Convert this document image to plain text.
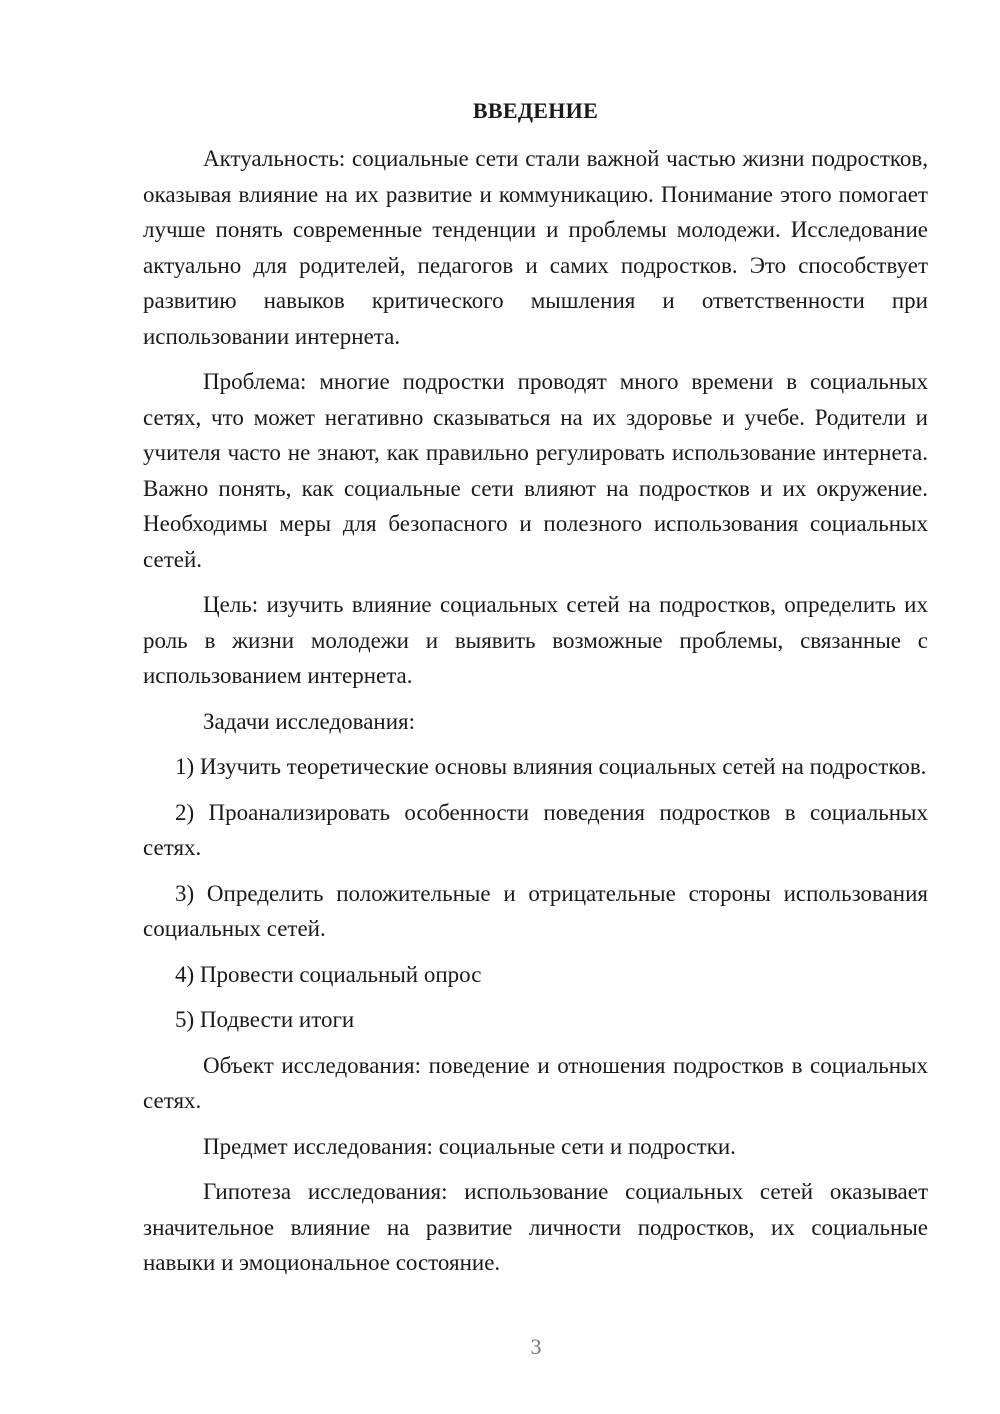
ВВЕДЕНИЕ

Актуальность: социальные сети стали важной частью жизни подростков, оказывая влияние на их развитие и коммуникацию. Понимание этого помогает лучше понять современные тенденции и проблемы молодежи. Исследование актуально для родителей, педагогов и самих подростков. Это способствует развитию навыков критического мышления и ответственности при использовании интернета.

Проблема: многие подростки проводят много времени в социальных сетях, что может негативно сказываться на их здоровье и учебе. Родители и учителя часто не знают, как правильно регулировать использование интернета. Важно понять, как социальные сети влияют на подростков и их окружение. Необходимы меры для безопасного и полезного использования социальных сетей.

Цель: изучить влияние социальных сетей на подростков, определить их роль в жизни молодежи и выявить возможные проблемы, связанные с использованием интернета.

Задачи исследования:

1) Изучить теоретические основы влияния социальных сетей на подростков.

2) Проанализировать особенности поведения подростков в социальных сетях.

3) Определить положительные и отрицательные стороны использования социальных сетей.

4) Провести социальный опрос

5) Подвести итоги

Объект исследования: поведение и отношения подростков в социальных сетях.

Предмет исследования: социальные сети и подростки.

Гипотеза исследования: использование социальных сетей оказывает значительное влияние на развитие личности подростков, их социальные навыки и эмоциональное состояние.

3
